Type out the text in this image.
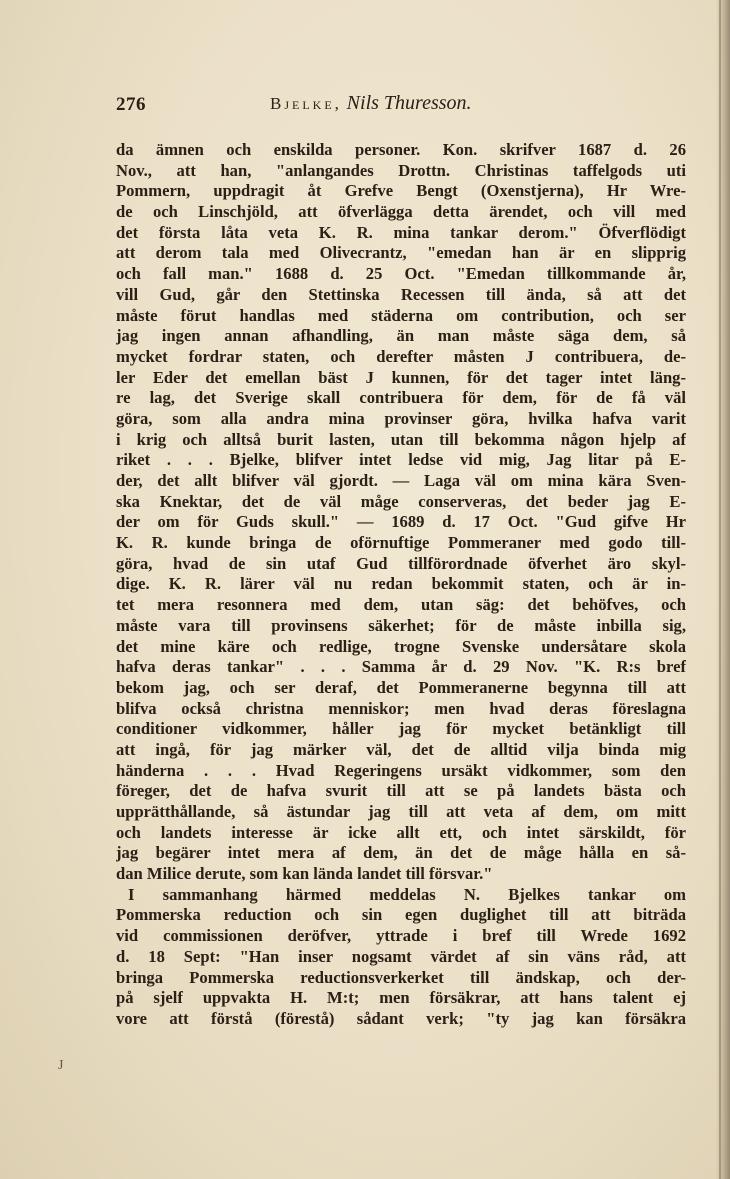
276	Bjelke, Nils Thuresson.
da ämnen och enskilda personer. Kon. skrifver 1687 d. 26
Nov., att han, "anlangandes Drottn. Christinas taffelgods uti
Pommern, uppdragit åt Grefve Bengt (Oxenstjerna), Hr Wre-
de och Linschjöld, att öfverlägga detta ärendet, och vill med
det första låta veta K. R. mina tankar derom." Öfverflödigt
att derom tala med Olivecrantz, "emedan han är en slipprig
och fall man." 1688 d. 25 Oct. "Emedan tillkommande år,
vill Gud, går den Stettinska Recessen till ända, så att det
måste förut handlas med städerna om contribution, och ser
jag ingen annan afhandling, än man måste säga dem, så
mycket fordrar staten, och derefter måsten J contribuera, de-
ler Eder det emellan bäst J kunnen, för det tager intet läng-
re lag, det Sverige skall contribuera för dem, för de få väl
göra, som alla andra mina provinser göra, hvilka hafva varit
i krig och alltså burit lasten, utan till bekomma någon hjelp af
riket . . . Bjelke, blifver intet ledse vid mig, Jag litar på E-
der, det allt blifver väl gjordt. — Laga väl om mina kära Sven-
ska Knektar, det de väl måge conserveras, det beder jag E-
der om för Guds skull." — 1689 d. 17 Oct. "Gud gifve Hr
K. R. kunde bringa de oförnuftige Pommeraner med godo till-
göra, hvad de sin utaf Gud tillförordnade öfverhet äro skyl-
dige. K. R. lärer väl nu redan bekommit staten, och är in-
tet mera resonnera med dem, utan säg: det behöfves, och
måste vara till provinsens säkerhet; för de måste inbilla sig,
det mine käre och redlige, trogne Svenske undersåtare skola
hafva deras tankar" . . . Samma år d. 29 Nov. "K. R:s bref
bekom jag, och ser deraf, det Pommeranerne begynna till att
blifva också christna menniskor; men hvad deras föreslagna
conditioner vidkommer, håller jag för mycket betänkligt till
att ingå, för jag märker väl, det de alltid vilja binda mig
händerna . . . Hvad Regeringens ursäkt vidkommer, som den
föreger, det de hafva svurit till att se på landets bästa och
upprätthållande, så ästundar jag till att veta af dem, om mitt
och landets interesse är icke allt ett, och intet särskildt, för
jag begärer intet mera af dem, än det de måge hålla en så-
dan Milice derute, som kan lända landet till försvar."
I sammanhang härmed meddelas N. Bjelkes tankar om
Pommerska reduction och sin egen duglighet till att biträda
vid commissionen deröfver, yttrade i bref till Wrede 1692
d. 18 Sept: "Han inser nogsamt värdet af sin väns råd, att
bringa Pommerska reductionsverkerket till ändskap, och der-
på sjelf uppvakta H. M:t; men försäkrar, att hans talent ej
vore att förstå (förestå) sådant verk; "ty jag kan försäkra
J
